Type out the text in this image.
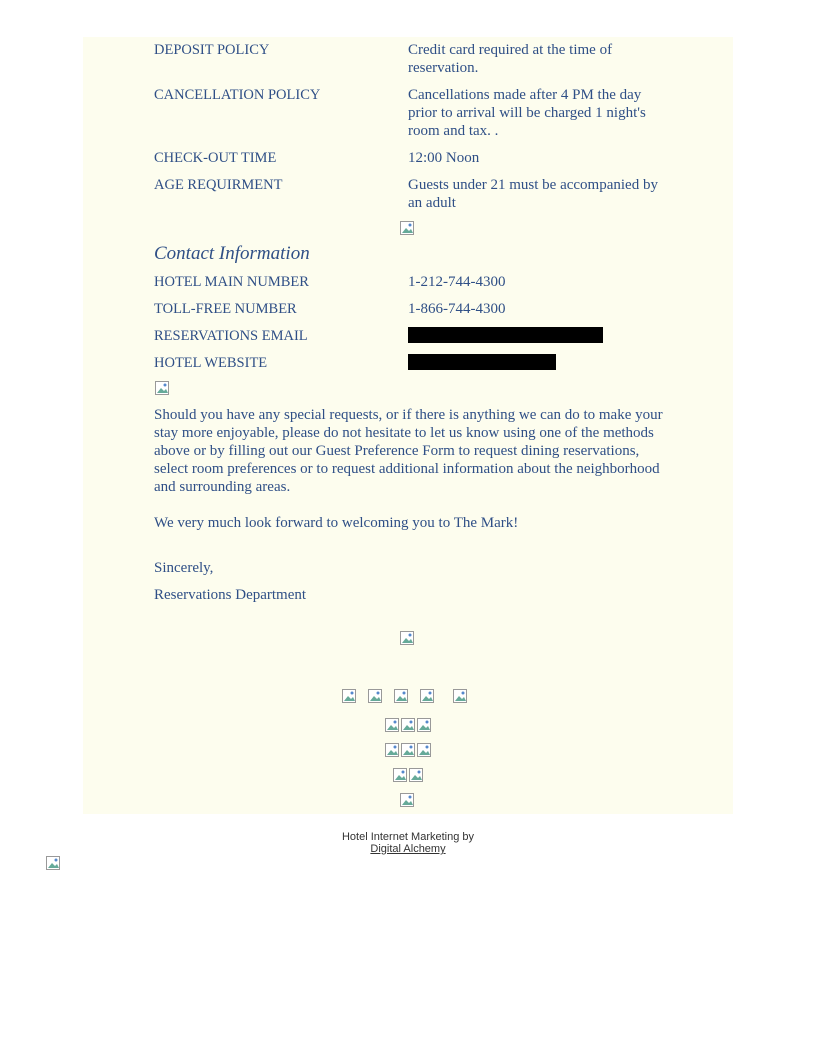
DEPOSIT POLICY	Credit card required at the time of reservation.
CANCELLATION POLICY	Cancellations made after 4 PM the day prior to arrival will be charged 1 night's room and tax. .
CHECK-OUT TIME	12:00 Noon
AGE REQUIRMENT	Guests under 21 must be accompanied by an adult
Contact Information
HOTEL MAIN NUMBER	1-212-744-4300
TOLL-FREE NUMBER	1-866-744-4300
RESERVATIONS EMAIL
HOTEL WEBSITE
Should you have any special requests, or if there is anything we can do to make your stay more enjoyable, please do not hesitate to let us know using one of the methods above or by filling out our Guest Preference Form to request dining reservations, select room preferences or to request additional information about the neighborhood and surrounding areas.
We very much look forward to welcoming you to The Mark!
Sincerely,
Reservations Department
Hotel Internet Marketing by
Digital Alchemy
